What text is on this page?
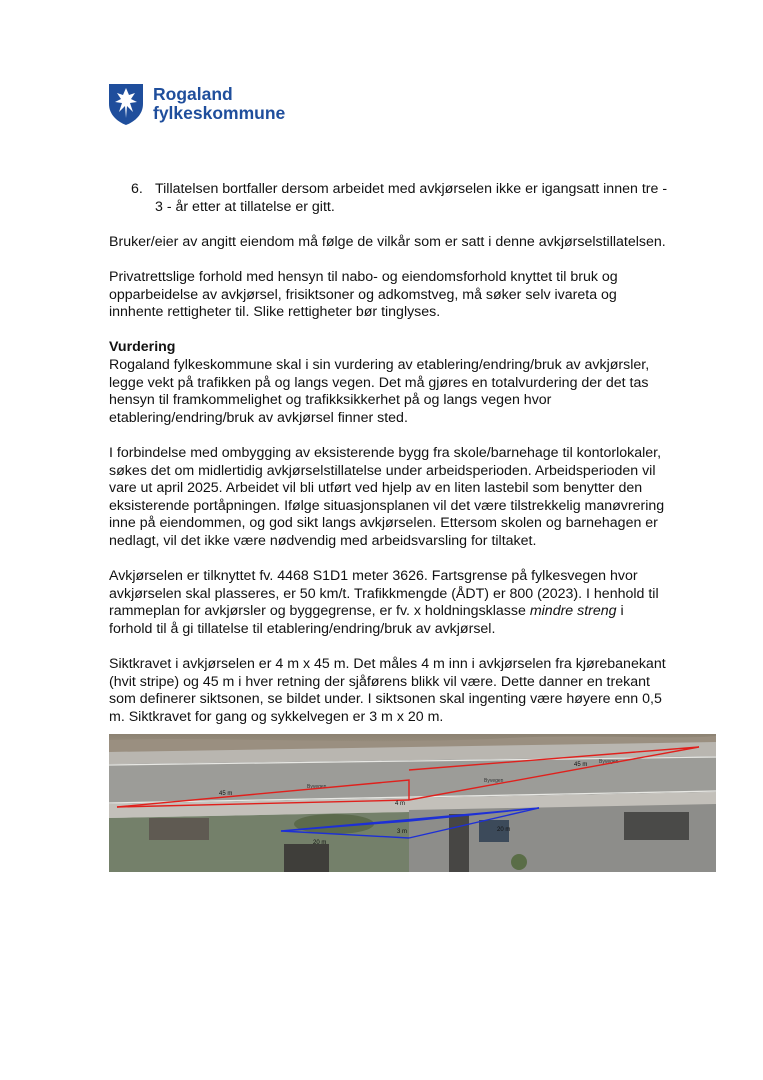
Rogaland
fylkeskommune
6. Tillatelsen bortfaller dersom arbeidet med avkjørselen ikke er igangsatt innen tre - 3 - år etter at tillatelse er gitt.

Bruker/eier av angitt eiendom må følge de vilkår som er satt i denne avkjørselstillatelsen.

Privatrettslige forhold med hensyn til nabo- og eiendomsforhold knyttet til bruk og opparbeidelse av avkjørsel, frisiktsoner og adkomstveg, må søker selv ivareta og innhente rettigheter til. Slike rettigheter bør tinglyses.

Vurdering
Rogaland fylkeskommune skal i sin vurdering av etablering/endring/bruk av avkjørsler, legge vekt på trafikken på og langs vegen. Det må gjøres en totalvurdering der det tas hensyn til framkommelighet og trafikksikkerhet på og langs vegen hvor etablering/endring/bruk av avkjørsel finner sted.

I forbindelse med ombygging av eksisterende bygg fra skole/barnehage til kontorlokaler, søkes det om midlertidig avkjørselstillatelse under arbeidsperioden. Arbeidsperioden vil vare ut april 2025. Arbeidet vil bli utført ved hjelp av en liten lastebil som benytter den eksisterende portåpningen. Ifølge situasjonsplanen vil det være tilstrekkelig manøvrering inne på eiendommen, og god sikt langs avkjørselen. Ettersom skolen og barnehagen er nedlagt, vil det ikke være nødvendig med arbeidsvarsling for tiltaket.

Avkjørselen er tilknyttet fv. 4468 S1D1 meter 3626. Fartsgrense på fylkesvegen hvor avkjørselen skal plasseres, er 50 km/t. Trafikkmengde (ÅDT) er 800 (2023). I henhold til rammeplan for avkjørsler og byggegrense, er fv. x holdningsklasse mindre streng i forhold til å gi tillatelse til etablering/endring/bruk av avkjørsel.

Siktkravet i avkjørselen er 4 m x 45 m. Det måles 4 m inn i avkjørselen fra kjørebanekant (hvit stripe) og 45 m i hver retning der sjåførens blikk vil være. Dette danner en trekant som definerer siktsonen, se bildet under. I siktsonen skal ingenting være høyere enn 0,5 m. Siktkravet for gang og sykkelvegen er 3 m x 20 m.

Byvegen
Byvegen
Byvegen
45 m
45 m
4 m
3 m
20 m
20 m
